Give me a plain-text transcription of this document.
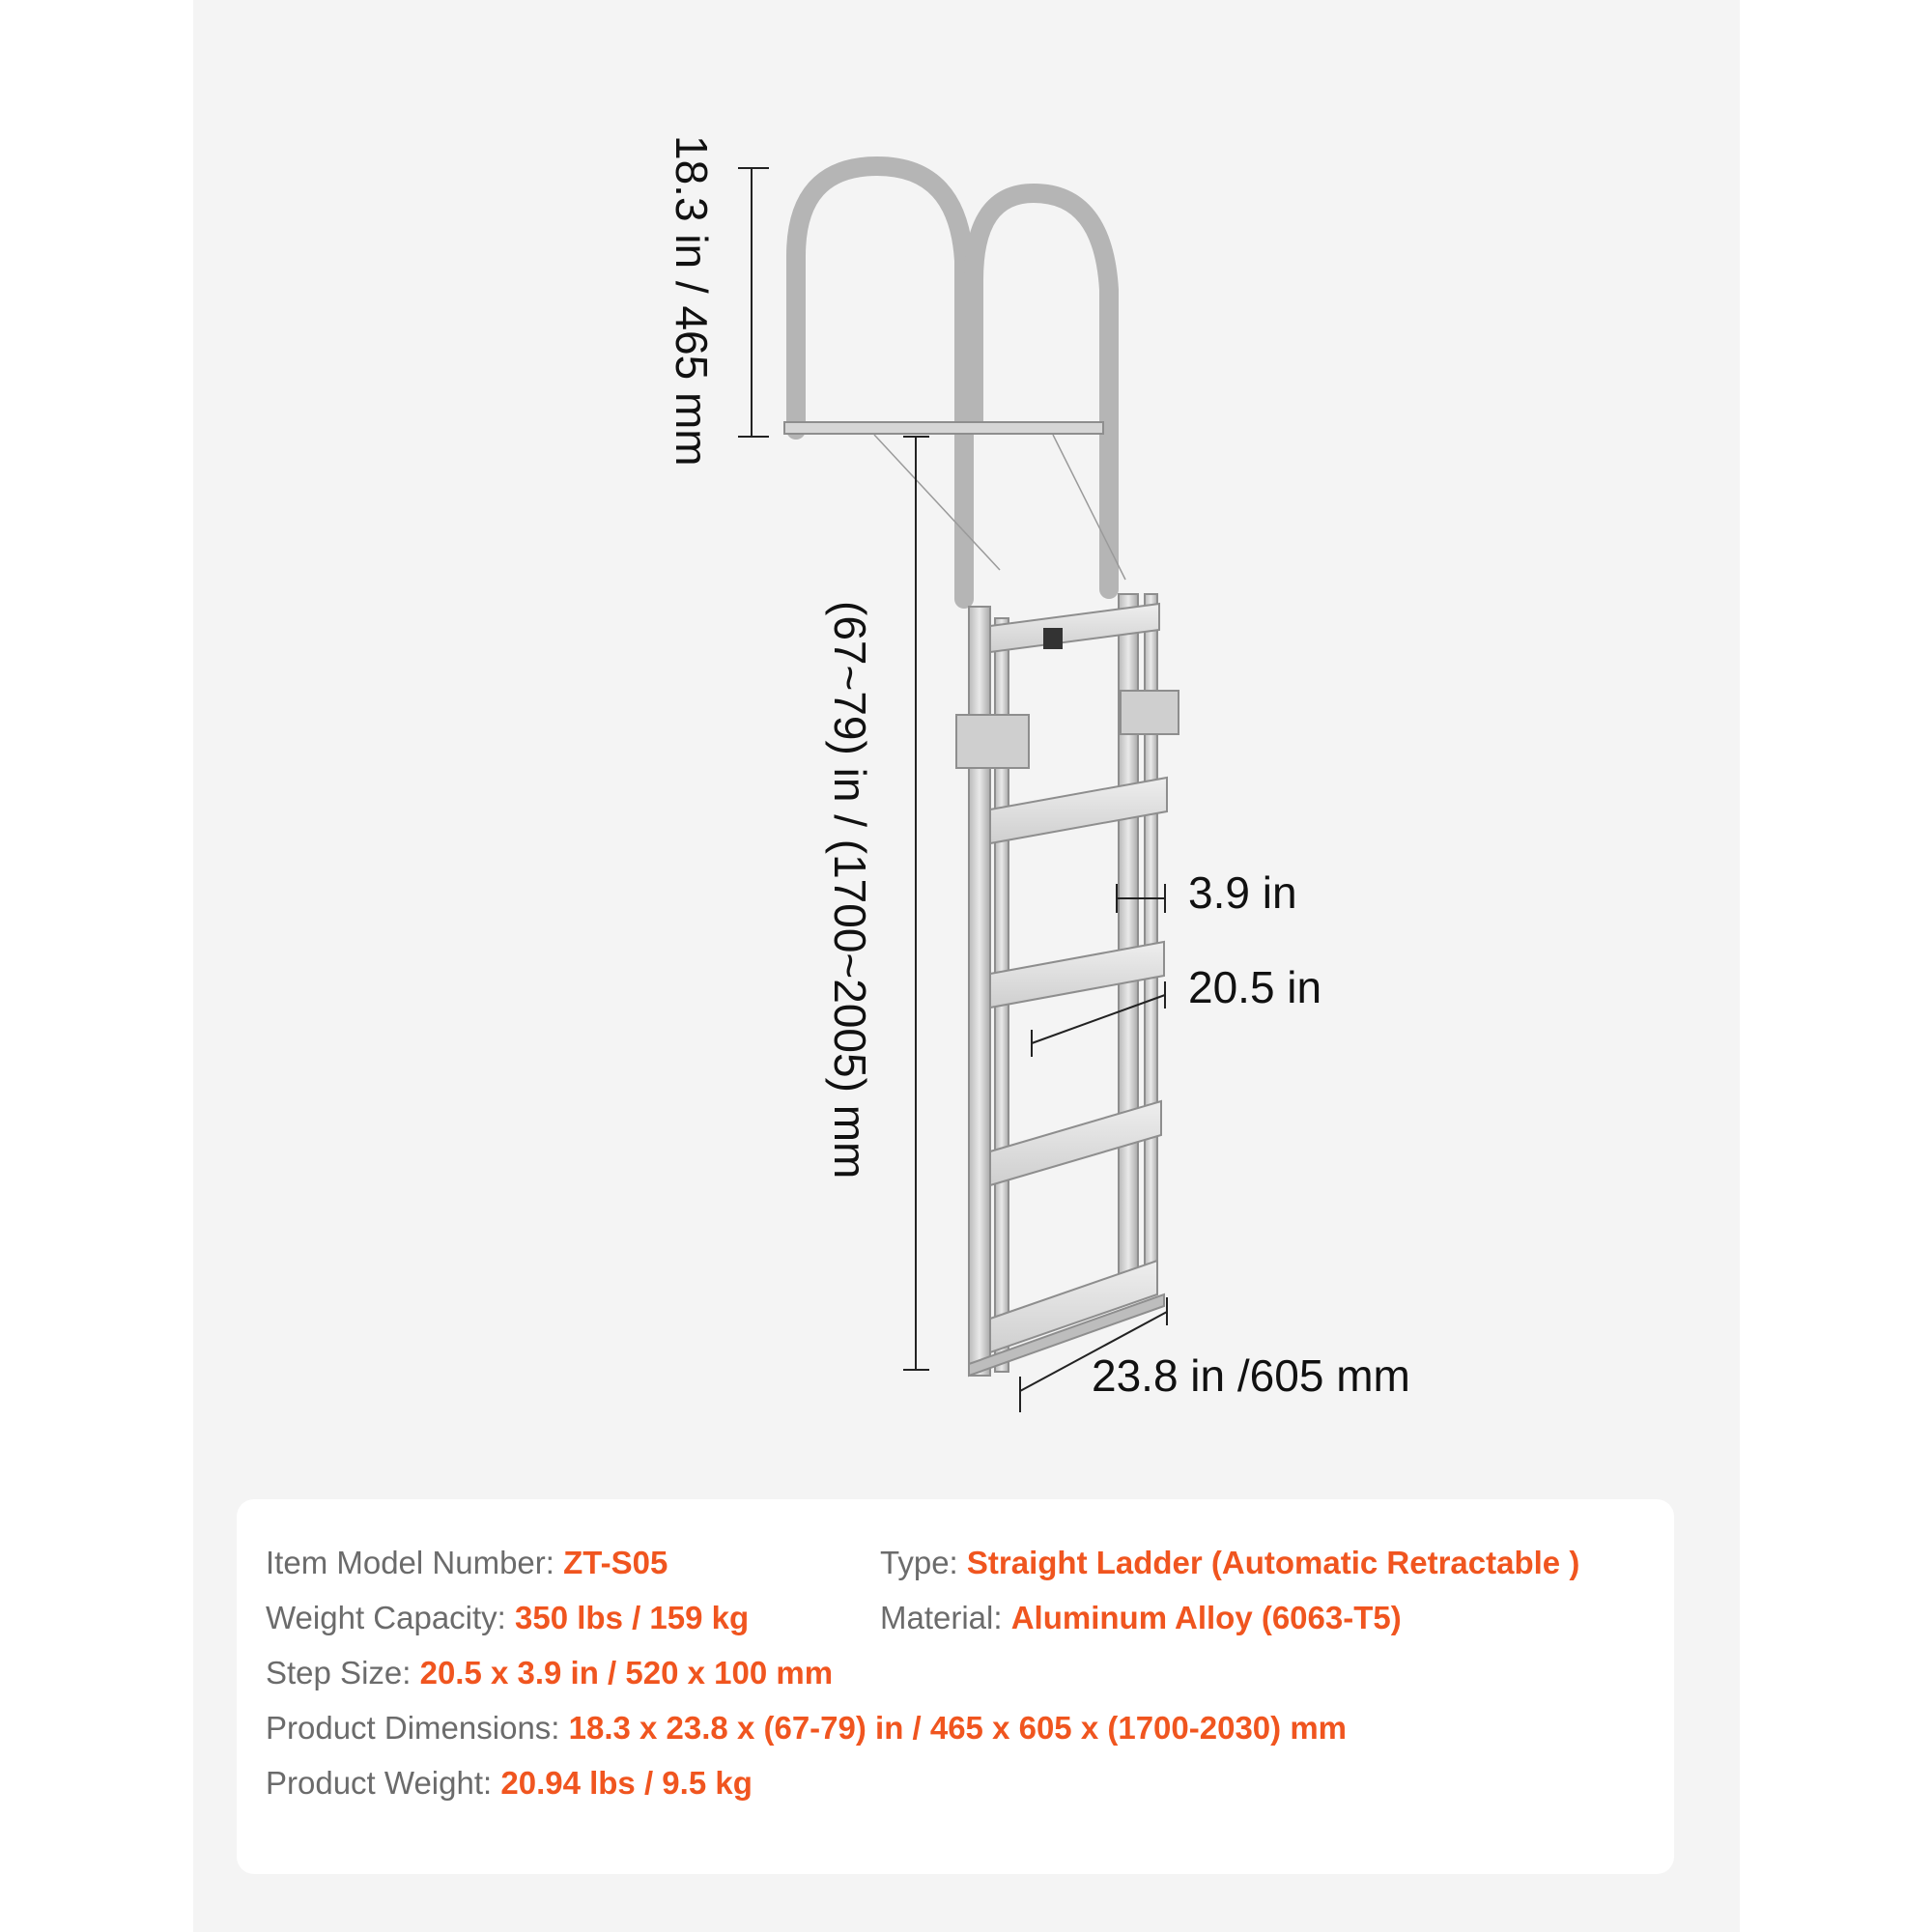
18.3 in / 465 mm
(67~79) in / (1700~2005) mm	3.9 in
20.5 in
23.8 in /605 mm
Item Model Number: ZT-S05	Type: Straight Ladder (Automatic Retractable )
Weight Capacity: 350 lbs / 159 kg	Material: Aluminum Alloy (6063-T5)
Step Size: 20.5 x 3.9 in / 520 x 100 mm
Product Dimensions: 18.3 x 23.8 x (67-79) in / 465 x 605 x (1700-2030) mm
Product Weight: 20.94 lbs / 9.5 kg
